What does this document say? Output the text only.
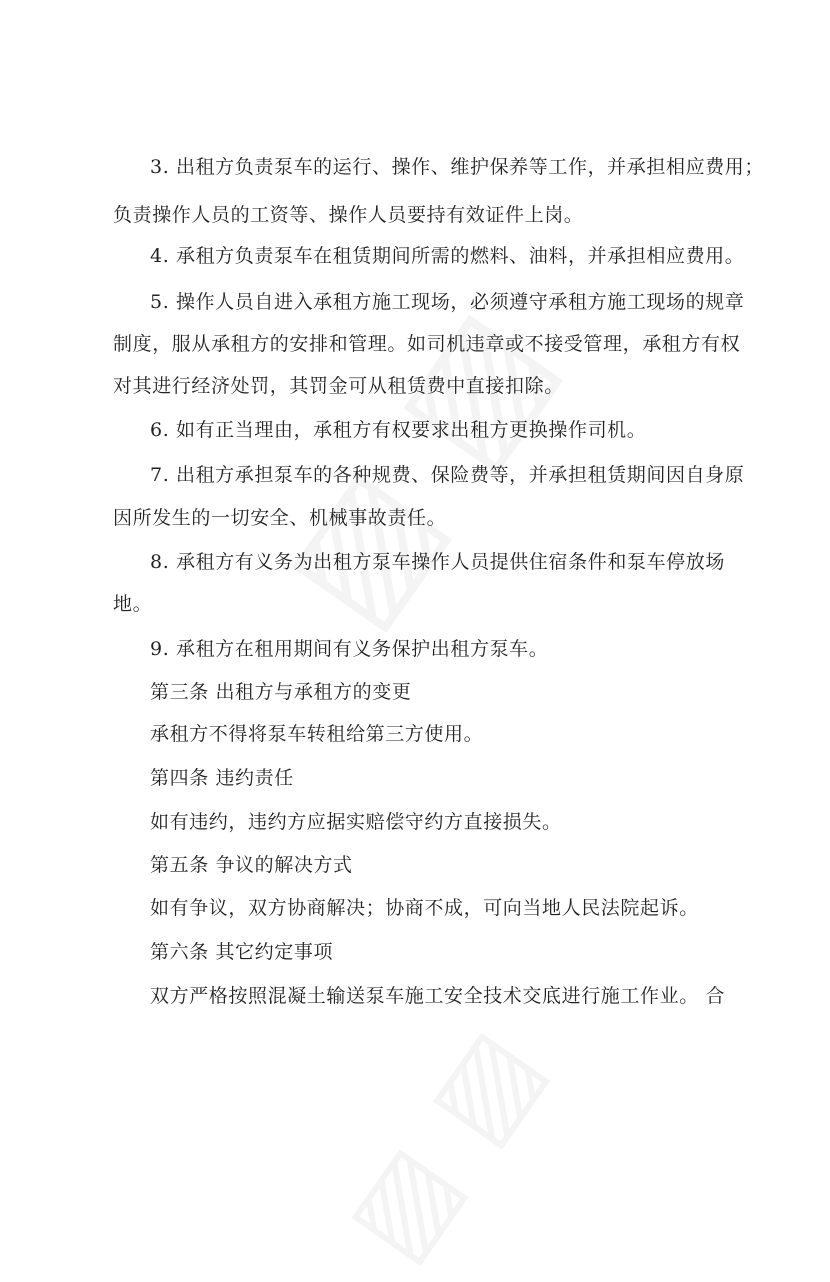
3. 出租方负责泵车的运行、操作、维护保养等工作，并承担相应费用；
负责操作人员的工资等、操作人员要持有效证件上岗。
4. 承租方负责泵车在租赁期间所需的燃料、油料，并承担相应费用。
5. 操作人员自进入承租方施工现场，必须遵守承租方施工现场的规章
制度，服从承租方的安排和管理。如司机违章或不接受管理，承租方有权
对其进行经济处罚，其罚金可从租赁费中直接扣除。
6. 如有正当理由，承租方有权要求出租方更换操作司机。
7. 出租方承担泵车的各种规费、保险费等，并承担租赁期间因自身原
因所发生的一切安全、机械事故责任。
8. 承租方有义务为出租方泵车操作人员提供住宿条件和泵车停放场
地。
9. 承租方在租用期间有义务保护出租方泵车。
第三条 出租方与承租方的变更
承租方不得将泵车转租给第三方使用。
第四条 违约责任
如有违约，违约方应据实赔偿守约方直接损失。
第五条 争议的解决方式
如有争议，双方协商解决；协商不成，可向当地人民法院起诉。
第六条 其它约定事项
双方严格按照混凝土输送泵车施工安全技术交底进行施工作业。 合
